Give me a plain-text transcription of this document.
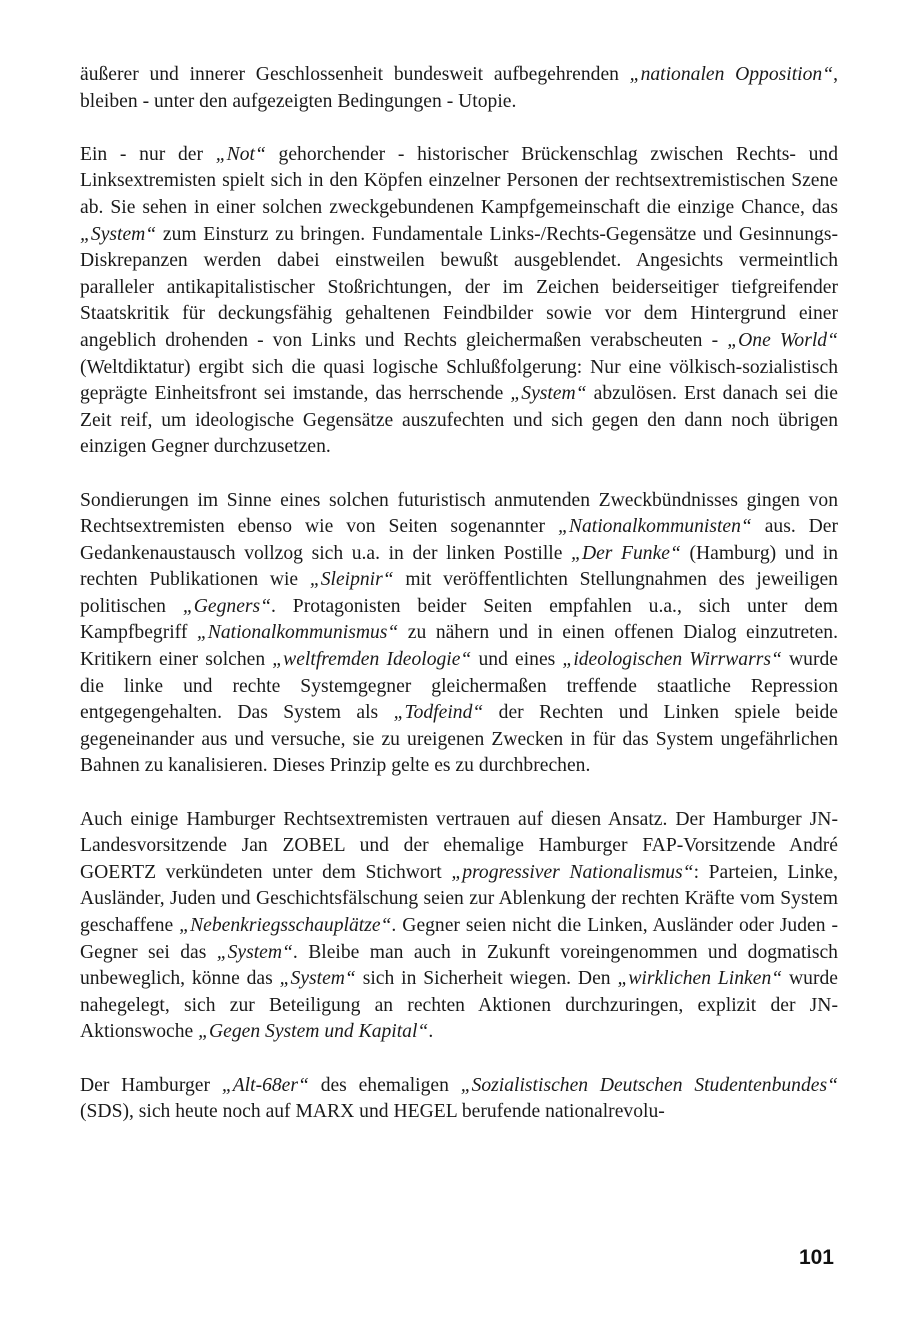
äußerer und innerer Geschlossenheit bundesweit aufbegehrenden „nationalen Opposition“, bleiben - unter den aufgezeigten Bedingungen - Utopie.

Ein - nur der „Not“ gehorchender - historischer Brückenschlag zwischen Rechts- und Linksextremisten spielt sich in den Köpfen einzelner Personen der rechtsextremistischen Szene ab. Sie sehen in einer solchen zweckgebundenen Kampfgemeinschaft die einzige Chance, das „System“ zum Einsturz zu bringen. Fundamentale Links-/Rechts-Gegensätze und Gesinnungs-Diskrepanzen werden dabei einstweilen bewußt ausgeblendet. Angesichts vermeintlich paralleler antikapitalistischer Stoßrichtungen, der im Zeichen beiderseitiger tiefgreifender Staatskritik für deckungsfähig gehaltenen Feindbilder sowie vor dem Hintergrund einer angeblich drohenden - von Links und Rechts gleichermaßen verabscheuten - „One World“ (Weltdiktatur) ergibt sich die quasi logische Schlußfolgerung: Nur eine völkisch-sozialistisch geprägte Einheitsfront sei imstande, das herrschende „System“ abzulösen. Erst danach sei die Zeit reif, um ideologische Gegensätze auszufechten und sich gegen den dann noch übrigen einzigen Gegner durchzusetzen.

Sondierungen im Sinne eines solchen futuristisch anmutenden Zweckbündnisses gingen von Rechtsextremisten ebenso wie von Seiten sogenannter „Nationalkommunisten“ aus. Der Gedankenaustausch vollzog sich u.a. in der linken Postille „Der Funke“ (Hamburg) und in rechten Publikationen wie „Sleipnir“ mit veröffentlichten Stellungnahmen des jeweiligen politischen „Gegners“. Protagonisten beider Seiten empfahlen u.a., sich unter dem Kampfbegriff „Nationalkommunismus“ zu nähern und in einen offenen Dialog einzutreten. Kritikern einer solchen „weltfremden Ideologie“ und eines „ideologischen Wirrwarrs“ wurde die linke und rechte Systemgegner gleichermaßen treffende staatliche Repression entgegengehalten. Das System als „Todfeind“ der Rechten und Linken spiele beide gegeneinander aus und versuche, sie zu ureigenen Zwecken in für das System ungefährlichen Bahnen zu kanalisieren. Dieses Prinzip gelte es zu durchbrechen.

Auch einige Hamburger Rechtsextremisten vertrauen auf diesen Ansatz. Der Hamburger JN-Landesvorsitzende Jan ZOBEL und der ehemalige Hamburger FAP-Vorsitzende André GOERTZ verkündeten unter dem Stichwort „progressiver Nationalismus“: Parteien, Linke, Ausländer, Juden und Geschichtsfälschung seien zur Ablenkung der rechten Kräfte vom System geschaffene „Nebenkriegsschauplätze“. Gegner seien nicht die Linken, Ausländer oder Juden - Gegner sei das „System“. Bleibe man auch in Zukunft voreingenommen und dogmatisch unbeweglich, könne das „System“ sich in Sicherheit wiegen. Den „wirklichen Linken“ wurde nahegelegt, sich zur Beteiligung an rechten Aktionen durchzuringen, explizit der JN-Aktionswoche „Gegen System und Kapital“.

Der Hamburger „Alt-68er“ des ehemaligen „Sozialistischen Deutschen Studentenbundes“ (SDS), sich heute noch auf MARX und HEGEL berufende nationalrevolu-

101
